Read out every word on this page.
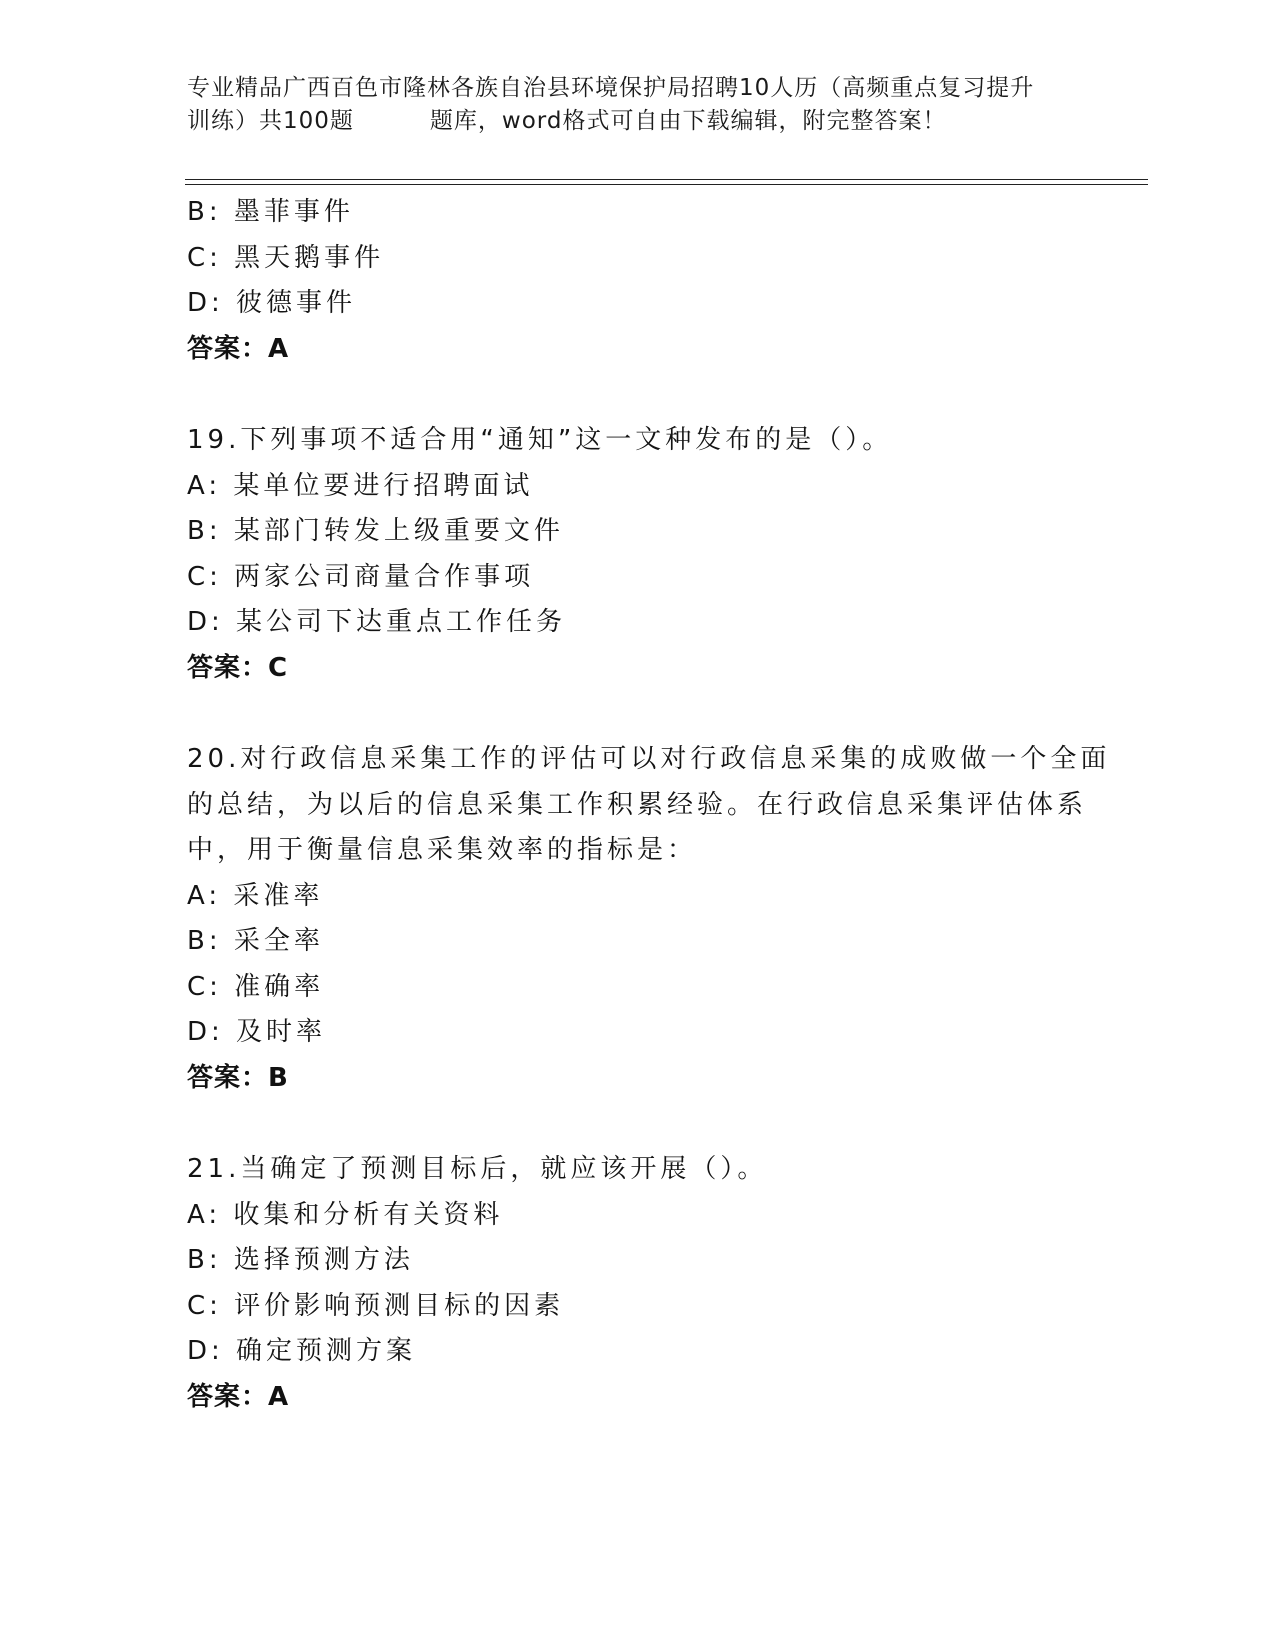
专业精品广西百色市隆林各族自治县环境保护局招聘10人历（高频重点复习提升
训练）共100题	题库，word格式可自由下载编辑，附完整答案！
B: 墨菲事件
C: 黑天鹅事件
D: 彼德事件
答案：A
19.下列事项不适合用“通知”这一文种发布的是（）。
A: 某单位要进行招聘面试
B: 某部门转发上级重要文件
C: 两家公司商量合作事项
D: 某公司下达重点工作任务
答案：C
20.对行政信息采集工作的评估可以对行政信息采集的成败做一个全面
的总结，为以后的信息采集工作积累经验。在行政信息采集评估体系
中，用于衡量信息采集效率的指标是：
A: 采准率
B: 采全率
C: 准确率
D: 及时率
答案：B
21.当确定了预测目标后，就应该开展（）。
A: 收集和分析有关资料
B: 选择预测方法
C: 评价影响预测目标的因素
D: 确定预测方案
答案：A
